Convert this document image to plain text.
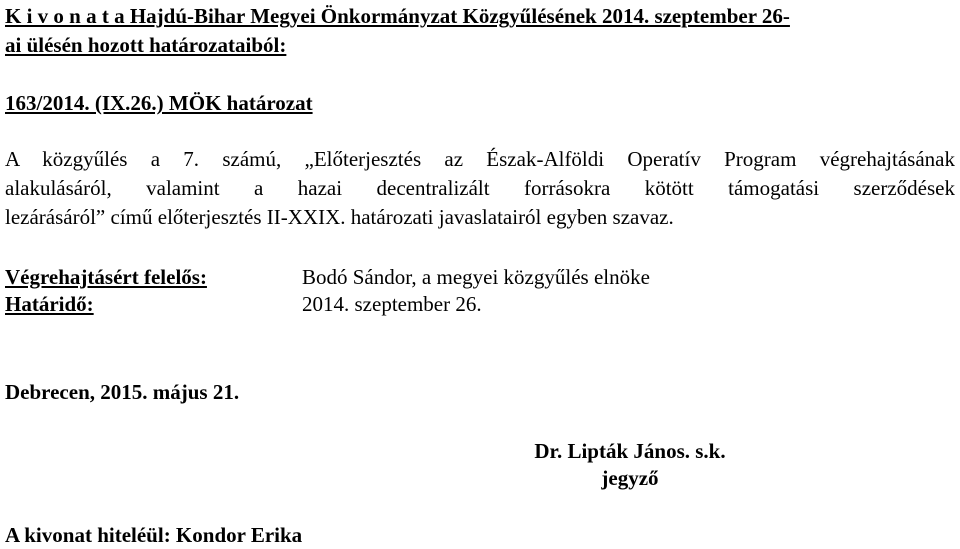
K i v o n a t a Hajdú-Bihar Megyei Önkormányzat Közgyűlésének 2014. szeptember 26-
ai ülésén hozott határozataiból:
163/2014. (IX.26.) MÖK határozat
A közgyűlés a 7. számú, „Előterjesztés az Észak-Alföldi Operatív Program végrehajtásának
alakulásáról, valamint a hazai decentralizált forrásokra kötött támogatási szerződések
lezárásáról” című előterjesztés II-XXIX. határozati javaslatairól egyben szavaz.
Végrehajtásért felelős:	Bodó Sándor, a megyei közgyűlés elnöke
Határidő:	2014. szeptember 26.
Debrecen, 2015. május 21.
Dr. Lipták János. s.k.
jegyző
A kivonat hiteléül: Kondor Erika
